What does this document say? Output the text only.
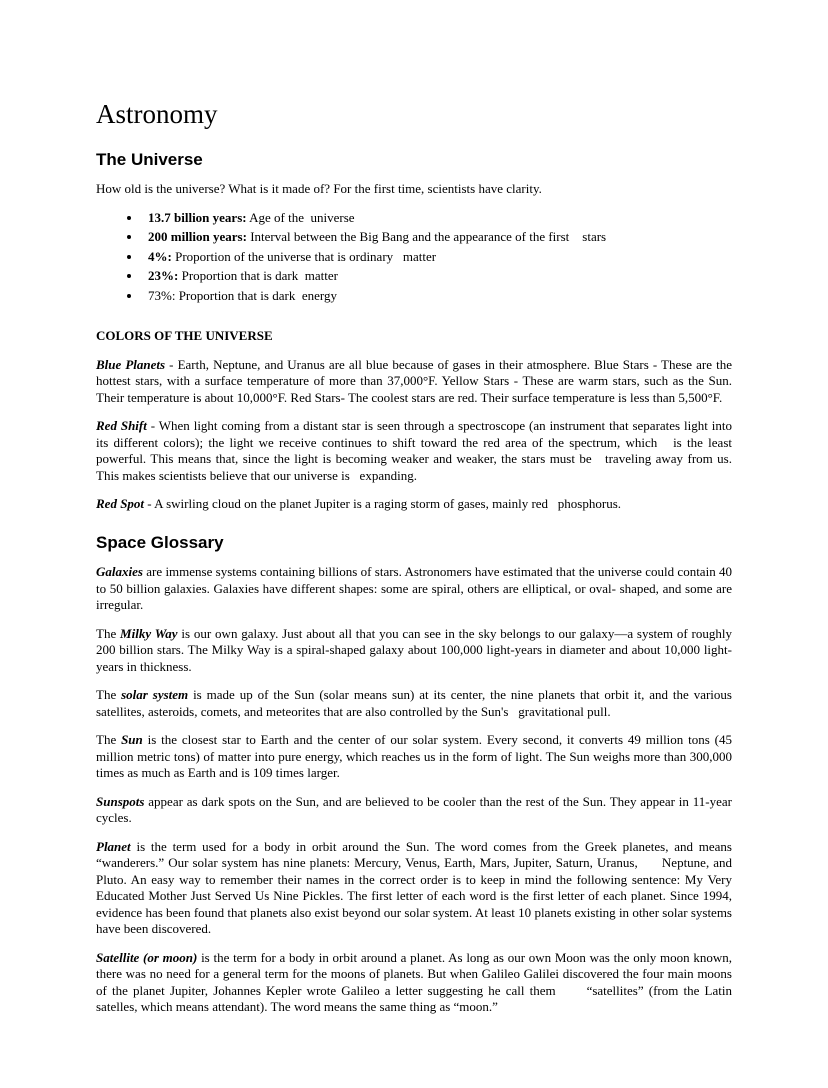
Astronomy
The Universe

How old is the universe? What is it made of? For the first time, scientists have clarity.

• 13.7 billion years: Age of the  universe
• 200 million years: Interval between the Big Bang and the appearance of the first    stars
• 4%: Proportion of the universe that is ordinary   matter
• 23%: Proportion that is dark  matter
• 73%: Proportion that is dark  energy
COLORS OF THE UNIVERSE

Blue Planets - Earth, Neptune, and Uranus are all blue because of gases in their atmosphere. Blue Stars - These are the hottest stars, with a surface temperature of more than 37,000°F. Yellow Stars - These are warm stars, such as the Sun. Their temperature is about 10,000°F. Red Stars- The coolest stars are red. Their surface temperature is less than 5,500°F.

Red Shift - When light coming from a distant star is seen through a spectroscope (an instrument that separates light into its different colors); the light we receive continues to shift toward the red area of the spectrum, which   is the least powerful. This means that, since the light is becoming weaker and weaker, the stars must be   traveling away from us. This makes scientists believe that our universe is   expanding.

Red Spot - A swirling cloud on the planet Jupiter is a raging storm of gases, mainly red   phosphorus.

Space Glossary

Galaxies are immense systems containing billions of stars. Astronomers have estimated that the universe could contain 40 to 50 billion galaxies. Galaxies have different shapes: some are spiral, others are elliptical, or oval- shaped, and some are irregular.

The Milky Way is our own galaxy. Just about all that you can see in the sky belongs to our galaxy—a system of roughly 200 billion stars. The Milky Way is a spiral-shaped galaxy about 100,000 light-years in diameter and about 10,000 light-years in thickness.

The solar system is made up of the Sun (solar means sun) at its center, the nine planets that orbit it, and the various satellites, asteroids, comets, and meteorites that are also controlled by the Sun's   gravitational pull.

The Sun is the closest star to Earth and the center of our solar system. Every second, it converts 49 million tons (45 million metric tons) of matter into pure energy, which reaches us in the form of light. The Sun weighs more than 300,000 times as much as Earth and is 109 times larger.

Sunspots appear as dark spots on the Sun, and are believed to be cooler than the rest of the Sun. They appear in 11-year cycles.

Planet is the term used for a body in orbit around the Sun. The word comes from the Greek planetes, and means “wanderers.” Our solar system has nine planets: Mercury, Venus, Earth, Mars, Jupiter, Saturn, Uranus,      Neptune, and Pluto. An easy way to remember their names in the correct order is to keep in mind the following sentence: My Very Educated Mother Just Served Us Nine Pickles. The first letter of each word is the first letter of each planet. Since 1994, evidence has been found that planets also exist beyond our solar system. At least 10 planets existing in other solar systems have been discovered.

Satellite (or moon) is the term for a body in orbit around a planet. As long as our own Moon was the only moon known, there was no need for a general term for the moons of planets. But when Galileo Galilei discovered the four main moons of the planet Jupiter, Johannes Kepler wrote Galileo a letter suggesting he call them      “satellites” (from the Latin satelles, which means attendant). The word means the same thing as “moon.”
